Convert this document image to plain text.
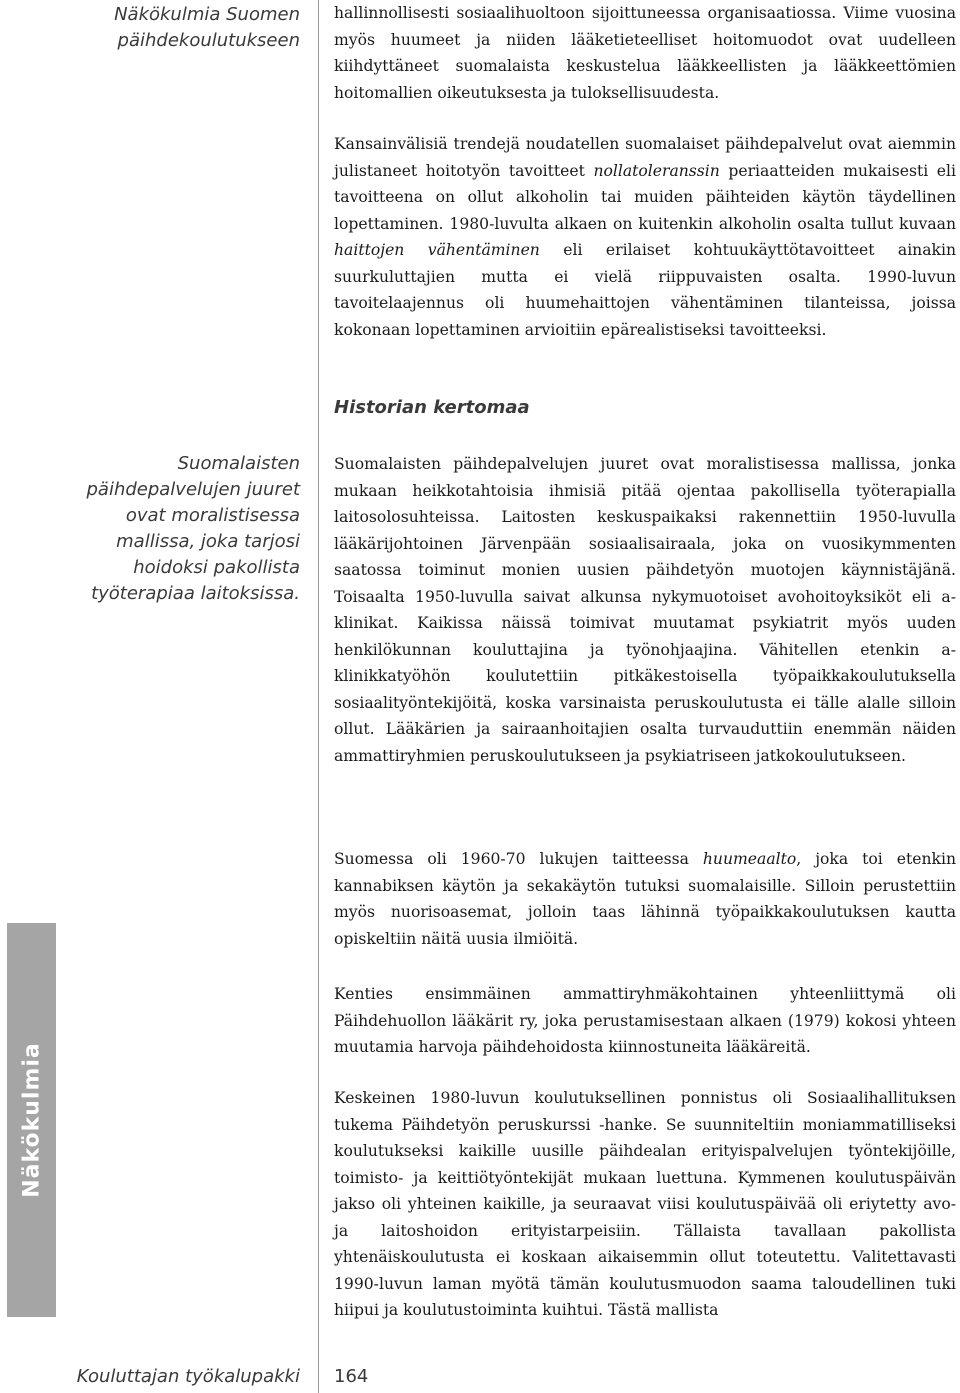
Näkökulmia Suomen päihdekoulutukseen
Suomalaisten päihdepalvelujen juuret ovat moralistisessa mallissa, joka tarjosi hoidoksi pakollista työterapiaa laitoksissa.
Näkökulmia

hallinnollisesti sosiaalihuoltoon sijoittuneessa organisaatiossa. Viime vuosina myös huumeet ja niiden lääketieteelliset hoitomuodot ovat uudelleen kiihdyttäneet suomalaista keskustelua lääkkeellisten ja lääkkeettömien hoitomallien oikeutuksesta ja tuloksellisuudesta.

Kansainvälisiä trendejä noudatellen suomalaiset päihdepalvelut ovat aiemmin julistaneet hoitotyön tavoitteet nollatoleranssin periaatteiden mukaisesti eli tavoitteena on ollut alkoholin tai muiden päihteiden käytön täydellinen lopettaminen. 1980-luvulta alkaen on kuitenkin alkoholin osalta tullut kuvaan haittojen vähentäminen eli erilaiset kohtuukäyttötavoitteet ainakin suurkuluttajien mutta ei vielä riippuvaisten osalta. 1990-luvun tavoitelaajennus oli huumehaittojen vähentäminen tilanteissa, joissa kokonaan lopettaminen arvioitiin epärealistiseksi tavoitteeksi.

Historian kertomaa

Suomalaisten päihdepalvelujen juuret ovat moralistisessa mallissa, jonka mukaan heikkotahtoisia ihmisiä pitää ojentaa pakollisella työterapialla laitosolosuhteissa. Laitosten keskuspaikaksi rakennettiin 1950-luvulla lääkärijohtoinen Järvenpään sosiaalisairaala, joka on vuosikymmenten saatossa toiminut monien uusien päihdetyön muotojen käynnistäjänä. Toisaalta 1950-luvulla saivat alkunsa nykymuotoiset avohoitoyksiköt eli a-klinikat. Kaikissa näissä toimivat muutamat psykiatrit myös uuden henkilökunnan kouluttajina ja työnohjaajina. Vähitellen etenkin a-klinikkatyöhön koulutettiin pitkäkestoisella työpaikkakoulutuksella sosiaalityöntekijöitä, koska varsinaista peruskoulutusta ei tälle alalle silloin ollut. Lääkärien ja sairaanhoitajien osalta turvauduttiin enemmän näiden ammattiryhmien peruskoulutukseen ja psykiatriseen jatkokoulutukseen.

Suomessa oli 1960-70 lukujen taitteessa huumeaalto, joka toi etenkin kannabiksen käytön ja sekakäytön tutuksi suomalaisille. Silloin perustettiin myös nuorisoasemat, jolloin taas lähinnä työpaikkakoulutuksen kautta opiskeltiin näitä uusia ilmiöitä.

Kenties ensimmäinen ammattiryhmäkohtainen yhteenliittymä oli Päihdehuollon lääkärit ry, joka perustamisestaan alkaen (1979) kokosi yhteen muutamia harvoja päihdehoidosta kiinnostuneita lääkäreitä.

Keskeinen 1980-luvun koulutuksellinen ponnistus oli Sosiaalihallituksen tukema Päihdetyön peruskurssi -hanke. Se suunniteltiin moniammatilliseksi koulutukseksi kaikille uusille päihdealan erityispalvelujen työntekijöille, toimisto- ja keittiötyöntekijät mukaan luettuna. Kymmenen koulutuspäivän jakso oli yhteinen kaikille, ja seuraavat viisi koulutuspäivää oli eriytetty avo- ja laitoshoidon erityistarpeisiin. Tällaista tavallaan pakollista yhtenäiskoulutusta ei koskaan aikaisemmin ollut toteutettu. Valitettavasti 1990-luvun laman myötä tämän koulutusmuodon saama taloudellinen tuki hiipui ja koulutustoiminta kuihtui. Tästä mallista

Kouluttajan työkalupakki 164
